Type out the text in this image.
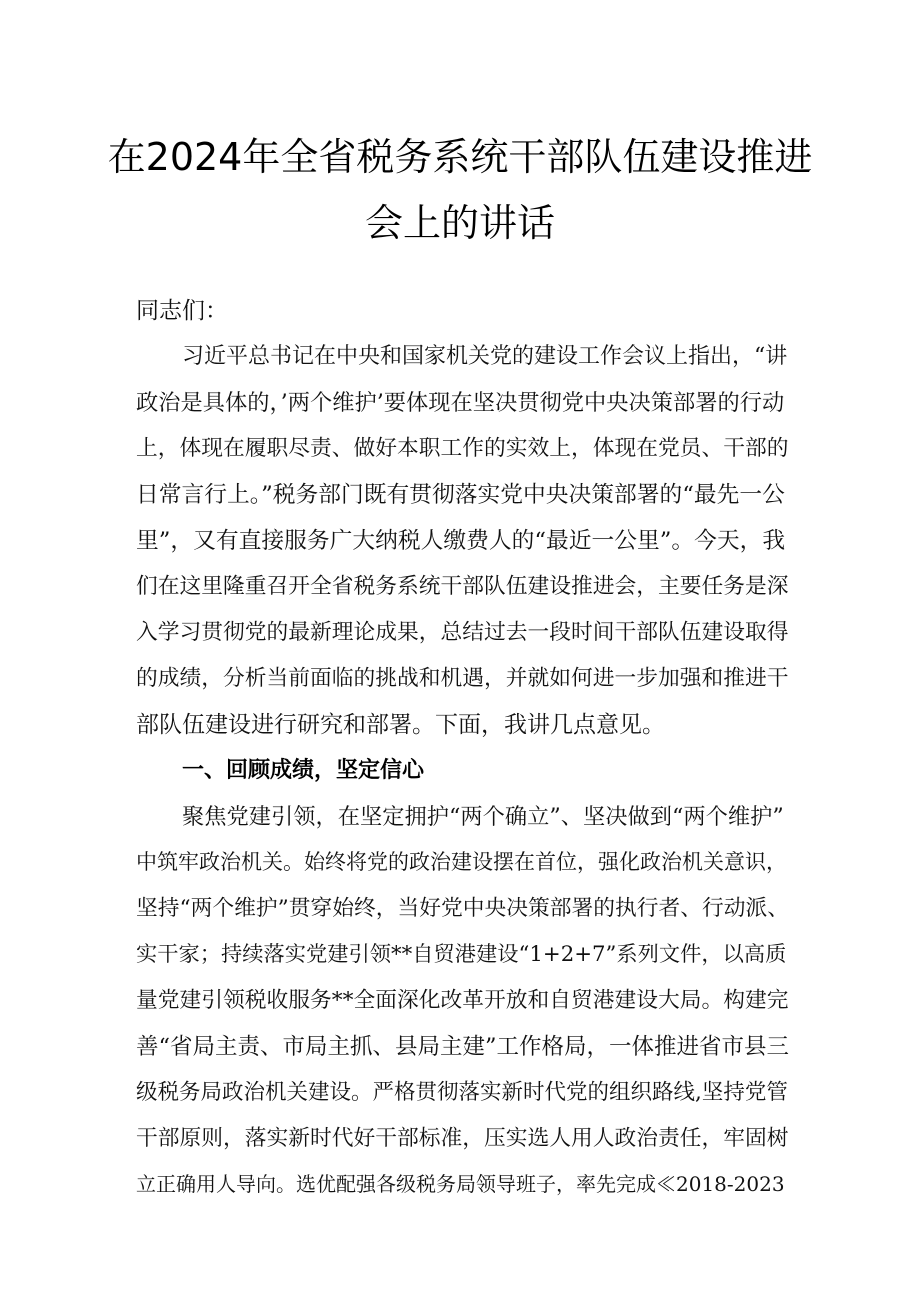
在2024年全省税务系统干部队伍建设推进
会上的讲话
同志们：
习近平总书记在中央和国家机关党的建设工作会议上指出，“讲
政治是具体的，’两个维护’要体现在坚决贯彻党中央决策部署的行动
上，体现在履职尽责、做好本职工作的实效上，体现在党员、干部的
日常言行上。”税务部门既有贯彻落实党中央决策部署的“最先一公
里”，又有直接服务广大纳税人缴费人的“最近一公里”。今天，我
们在这里隆重召开全省税务系统干部队伍建设推进会，主要任务是深
入学习贯彻党的最新理论成果，总结过去一段时间干部队伍建设取得
的成绩，分析当前面临的挑战和机遇，并就如何进一步加强和推进干
部队伍建设进行研究和部署。下面，我讲几点意见。
一、回顾成绩，坚定信心
聚焦党建引领，在坚定拥护“两个确立”、坚决做到“两个维护”
中筑牢政治机关。始终将党的政治建设摆在首位，强化政治机关意识，
坚持“两个维护”贯穿始终，当好党中央决策部署的执行者、行动派、
实干家；持续落实党建引领**自贸港建设“1+2+7”系列文件，以高质
量党建引领税收服务**全面深化改革开放和自贸港建设大局。构建完
善“省局主责、市局主抓、县局主建”工作格局，一体推进省市县三
级税务局政治机关建设。严格贯彻落实新时代党的组织路线,坚持党管
干部原则，落实新时代好干部标准，压实选人用人政治责任，牢固树
立正确用人导向。选优配强各级税务局领导班子，率先完成≪2018-2023
